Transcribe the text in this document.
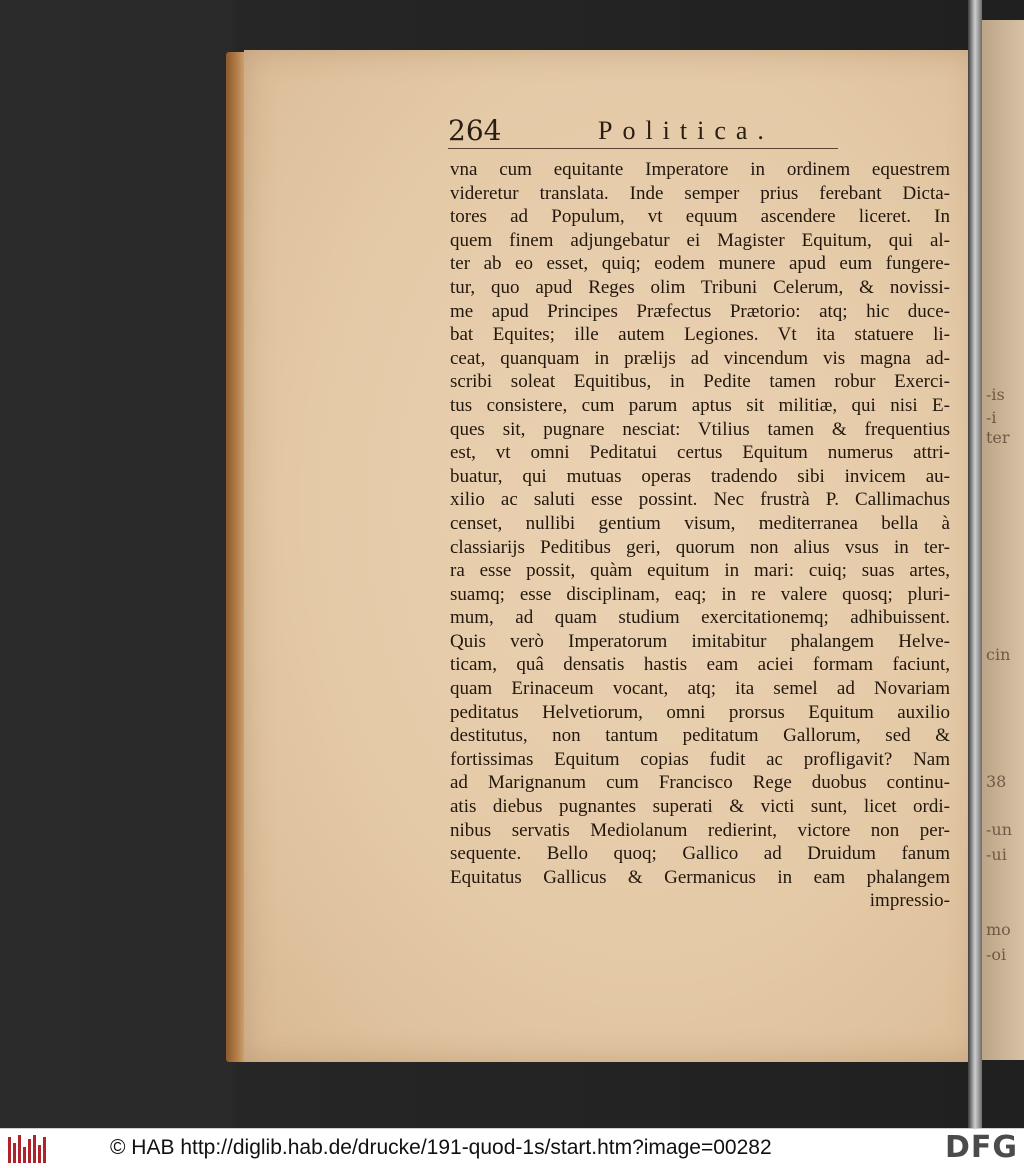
-is
-i
ter
cin
38
-un
-ui
mo
-oi
264	Politica.
vna cum equitante Imperatore in ordinem equestrem
videretur translata. Inde semper prius ferebant Dicta-
tores ad Populum, vt equum ascendere liceret. In
quem finem adjungebatur ei Magister Equitum, qui al-
ter ab eo esset, quiq; eodem munere apud eum fungere-
tur, quo apud Reges olim Tribuni Celerum, & novissi-
me apud Principes Præfectus Prætorio: atq; hic duce-
bat Equites; ille autem Legiones. Vt ita statuere li-
ceat, quanquam in prælijs ad vincendum vis magna ad-
scribi soleat Equitibus, in Pedite tamen robur Exerci-
tus consistere, cum parum aptus sit militiæ, qui nisi E-
ques sit, pugnare nesciat: Vtilius tamen & frequentius
est, vt omni Peditatui certus Equitum numerus attri-
buatur, qui mutuas operas tradendo sibi invicem au-
xilio ac saluti esse possint. Nec frustrà P. Callimachus
censet, nullibi gentium visum, mediterranea bella à
classiarijs Peditibus geri, quorum non alius vsus in ter-
ra esse possit, quàm equitum in mari: cuiq; suas artes,
suamq; esse disciplinam, eaq; in re valere quosq; pluri-
mum, ad quam studium exercitationemq; adhibuissent.
Quis verò Imperatorum imitabitur phalangem Helve-
ticam, quâ densatis hastis eam aciei formam faciunt,
quam Erinaceum vocant, atq; ita semel ad Novariam
peditatus Helvetiorum, omni prorsus Equitum auxilio
destitutus, non tantum peditatum Gallorum, sed &
fortissimas Equitum copias fudit ac profligavit? Nam
ad Marignanum cum Francisco Rege duobus continu-
atis diebus pugnantes superati & victi sunt, licet ordi-
nibus servatis Mediolanum redierint, victore non per-
sequente. Bello quoq; Gallico ad Druidum fanum
Equitatus Gallicus & Germanicus in eam phalangem
impressio-
© HAB http://diglib.hab.de/drucke/191-quod-1s/start.htm?image=00282	DFG
